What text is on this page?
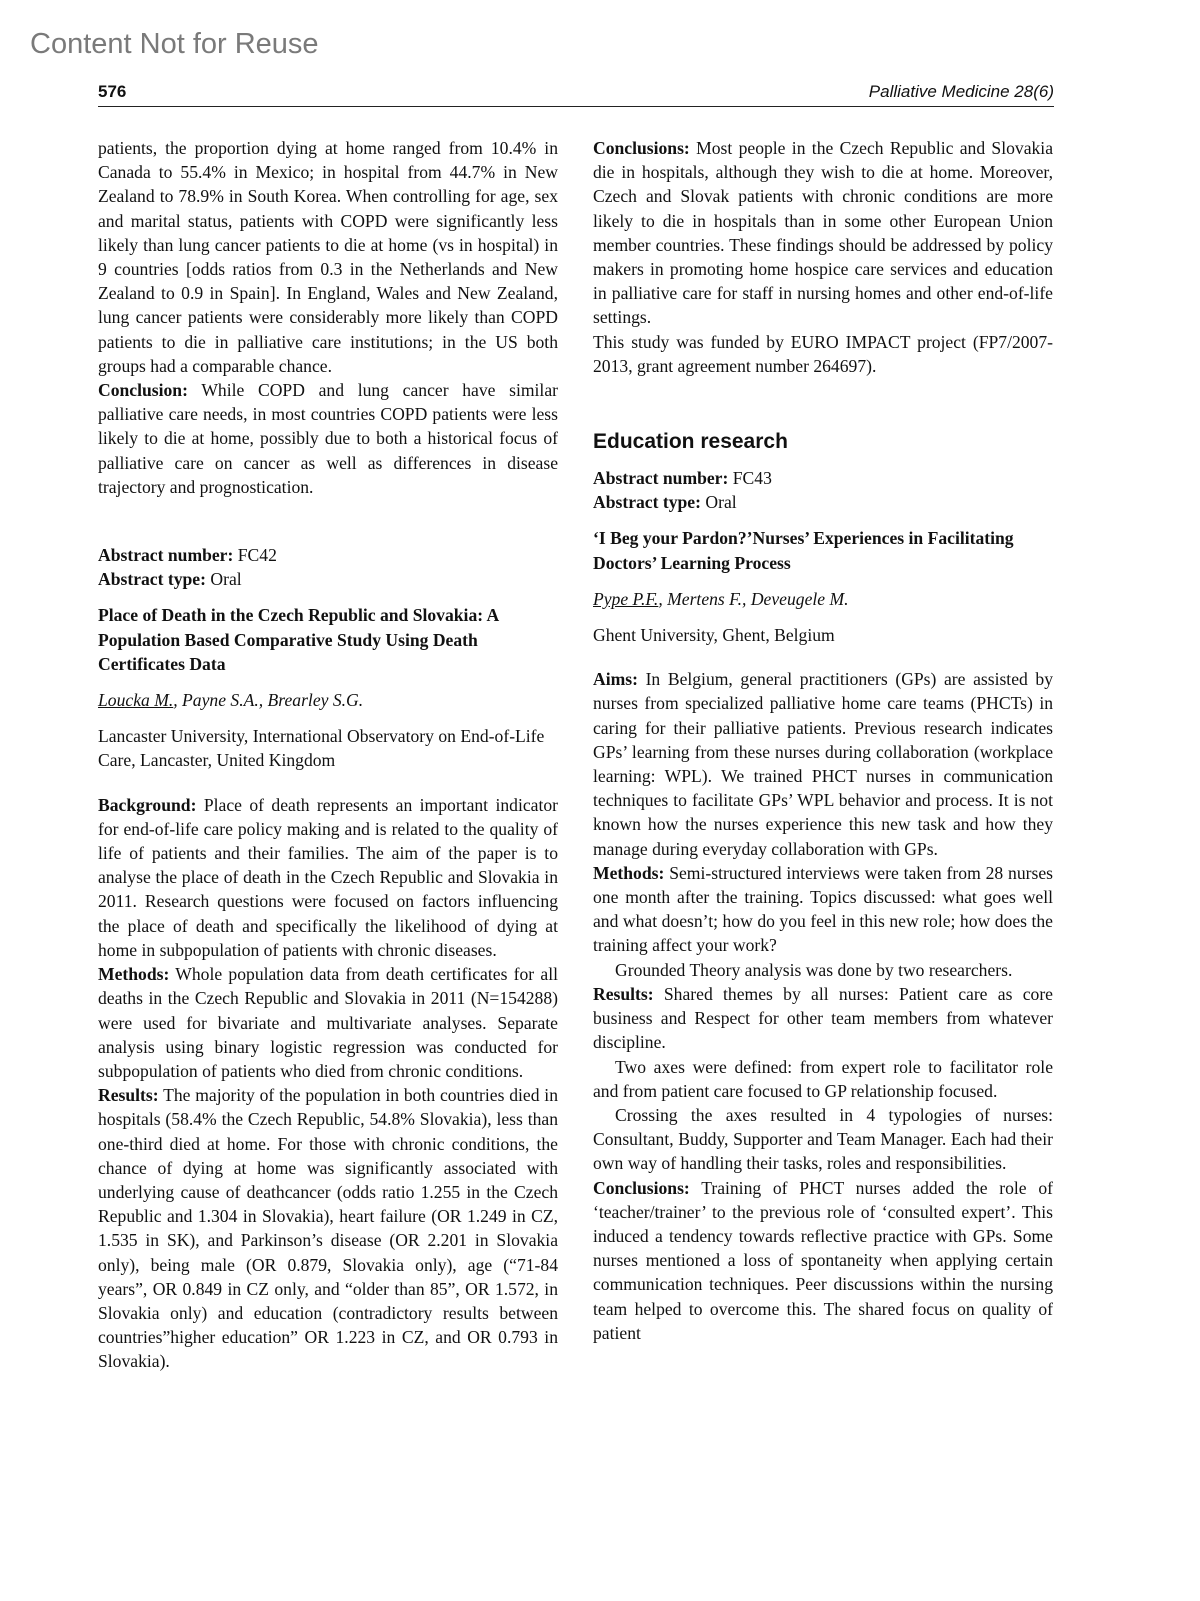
Content Not for Reuse
576	Palliative Medicine 28(6)

patients, the proportion dying at home ranged from 10.4% in Canada to 55.4% in Mexico; in hospital from 44.7% in New Zealand to 78.9% in South Korea. When controlling for age, sex and marital status, patients with COPD were significantly less likely than lung cancer patients to die at home (vs in hospital) in 9 countries [odds ratios from 0.3 in the Netherlands and New Zealand to 0.9 in Spain]. In England, Wales and New Zealand, lung cancer patients were considerably more likely than COPD patients to die in palliative care institutions; in the US both groups had a comparable chance.

Conclusion: While COPD and lung cancer have similar palliative care needs, in most countries COPD patients were less likely to die at home, possibly due to both a historical focus of palliative care on cancer as well as differences in disease trajectory and prognostication.

Abstract number: FC42

Abstract type: Oral

Place of Death in the Czech Republic and Slovakia: A Population Based Comparative Study Using Death Certificates Data

Loucka M., Payne S.A., Brearley S.G.

Lancaster University, International Observatory on End-of-Life Care, Lancaster, United Kingdom

Background: Place of death represents an important indicator for end-of-life care policy making and is related to the quality of life of patients and their families. The aim of the paper is to analyse the place of death in the Czech Republic and Slovakia in 2011. Research questions were focused on factors influencing the place of death and specifically the likelihood of dying at home in subpopulation of patients with chronic diseases.

Methods: Whole population data from death certificates for all deaths in the Czech Republic and Slovakia in 2011 (N=154288) were used for bivariate and multivariate analyses. Separate analysis using binary logistic regression was conducted for subpopulation of patients who died from chronic conditions.

Results: The majority of the population in both countries died in hospitals (58.4% the Czech Republic, 54.8% Slovakia), less than one-third died at home. For those with chronic conditions, the chance of dying at home was significantly associated with underlying cause of deathcancer (odds ratio 1.255 in the Czech Republic and 1.304 in Slovakia), heart failure (OR 1.249 in CZ, 1.535 in SK), and Parkinson’s disease (OR 2.201 in Slovakia only), being male (OR 0.879, Slovakia only), age (“71-84 years”, OR 0.849 in CZ only, and “older than 85”, OR 1.572, in Slovakia only) and education (contradictory results between countries”higher education” OR 1.223 in CZ, and OR 0.793 in Slovakia).

Conclusions: Most people in the Czech Republic and Slovakia die in hospitals, although they wish to die at home. Moreover, Czech and Slovak patients with chronic conditions are more likely to die in hospitals than in some other European Union member countries. These findings should be addressed by policy makers in promoting home hospice care services and education in palliative care for staff in nursing homes and other end-of-life settings.

This study was funded by EURO IMPACT project (FP7/2007-2013, grant agreement number 264697).

Education research

Abstract number: FC43

Abstract type: Oral

‘I Beg your Pardon?’Nurses’ Experiences in Facilitating Doctors’ Learning Process

Pype P.F., Mertens F., Deveugele M.

Ghent University, Ghent, Belgium

Aims: In Belgium, general practitioners (GPs) are assisted by nurses from specialized palliative home care teams (PHCTs) in caring for their palliative patients. Previous research indicates GPs’ learning from these nurses during collaboration (workplace learning: WPL). We trained PHCT nurses in communication techniques to facilitate GPs’ WPL behavior and process. It is not known how the nurses experience this new task and how they manage during everyday collaboration with GPs.

Methods: Semi-structured interviews were taken from 28 nurses one month after the training. Topics discussed: what goes well and what doesn’t; how do you feel in this new role; how does the training affect your work?

Grounded Theory analysis was done by two researchers.

Results: Shared themes by all nurses: Patient care as core business and Respect for other team members from whatever discipline.

Two axes were defined: from expert role to facilitator role and from patient care focused to GP relationship focused.

Crossing the axes resulted in 4 typologies of nurses: Consultant, Buddy, Supporter and Team Manager. Each had their own way of handling their tasks, roles and responsibilities.

Conclusions: Training of PHCT nurses added the role of ‘teacher/trainer’ to the previous role of ‘consulted expert’. This induced a tendency towards reflective practice with GPs. Some nurses mentioned a loss of spontaneity when applying certain communication techniques. Peer discussions within the nursing team helped to overcome this. The shared focus on quality of patient
